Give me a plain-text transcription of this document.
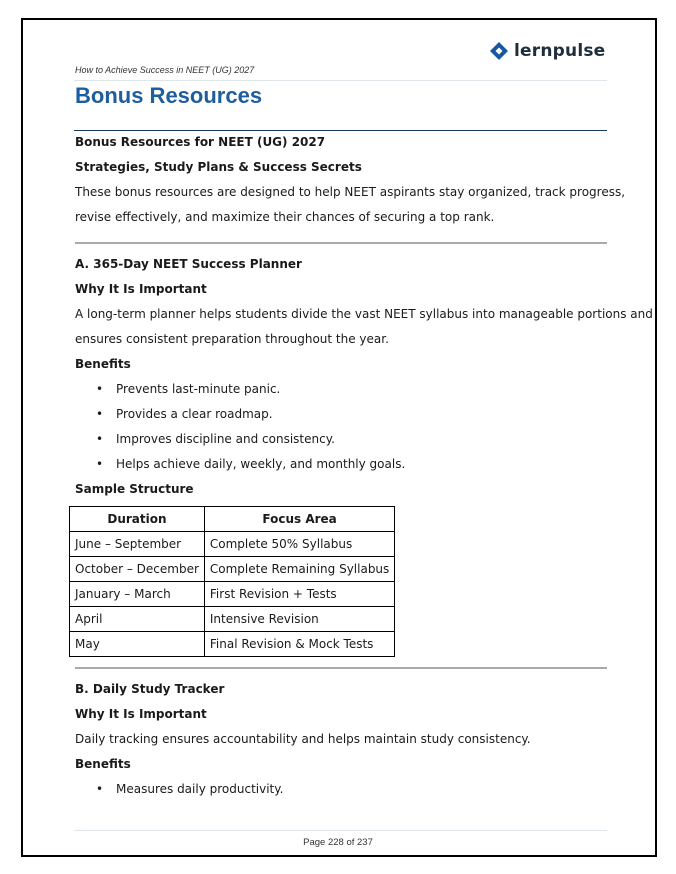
lernpulse
How to Achieve Success in NEET (UG) 2027
Bonus Resources
Bonus Resources for NEET (UG) 2027
Strategies, Study Plans & Success Secrets
These bonus resources are designed to help NEET aspirants stay organized, track progress,
revise effectively, and maximize their chances of securing a top rank.
A. 365-Day NEET Success Planner
Why It Is Important
A long-term planner helps students divide the vast NEET syllabus into manageable portions and
ensures consistent preparation throughout the year.
Benefits
• Prevents last-minute panic.
• Provides a clear roadmap.
• Improves discipline and consistency.
• Helps achieve daily, weekly, and monthly goals.
Sample Structure
Duration	Focus Area
June – September	Complete 50% Syllabus
October – December	Complete Remaining Syllabus
January – March	First Revision + Tests
April	Intensive Revision
May	Final Revision & Mock Tests
B. Daily Study Tracker
Why It Is Important
Daily tracking ensures accountability and helps maintain study consistency.
Benefits
• Measures daily productivity.
Page 228 of 237
